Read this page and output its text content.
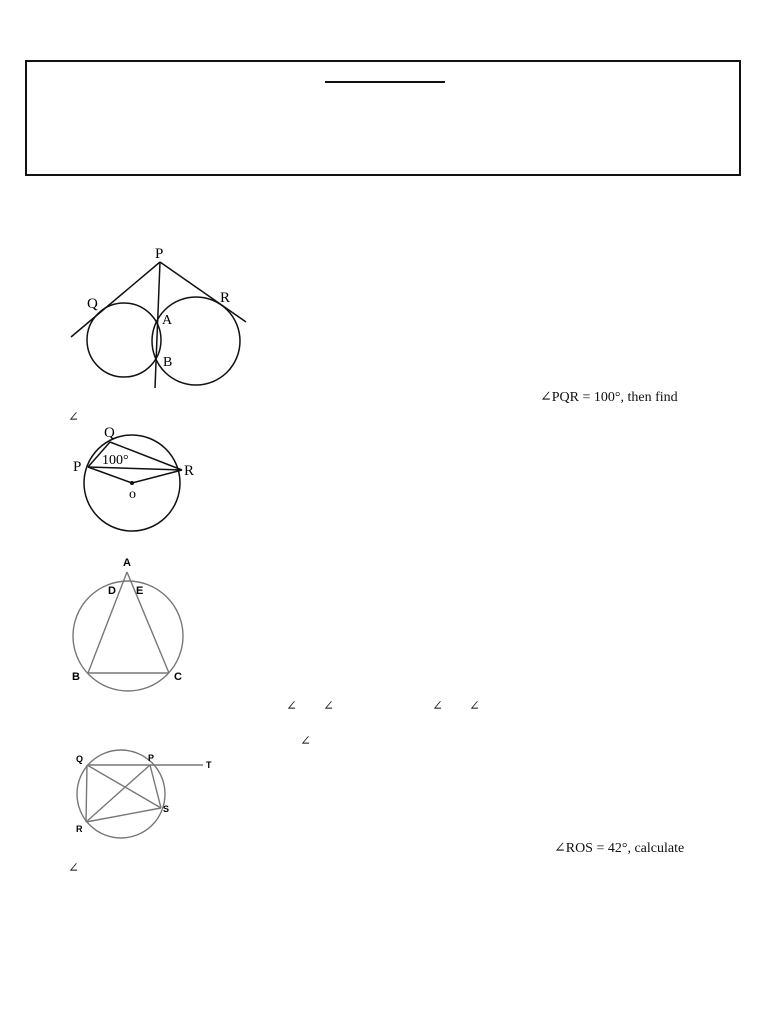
P
Q	R
A
B
∠PQR = 100°, then find
∠
Q
P	R
o
100°
A
D E
B	C
∠ ∠	∠ ∠
∠
Q	P
T
R
S
∠ROS = 42°, calculate
∠
